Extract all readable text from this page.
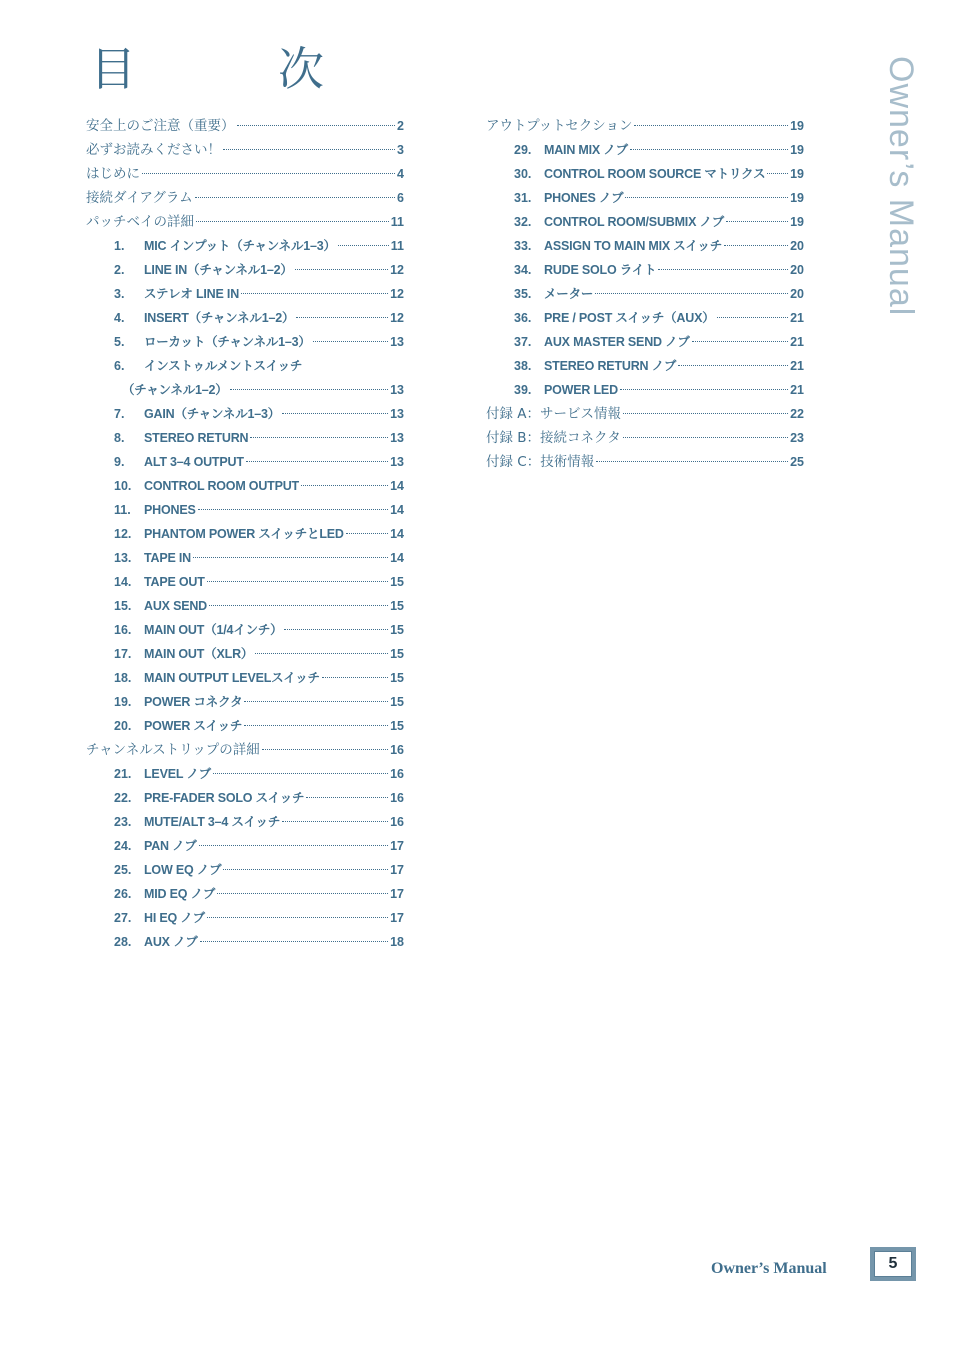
目　次	Owner’s Manual
安全上のご注意（重要）	2
必ずお読みください！	3
はじめに	4
接続ダイアグラム	6
パッチベイの詳細	11
1.	MIC インプット（チャンネル1–3）	11
2.	LINE IN（チャンネル1–2）	12
3.	ステレオ LINE IN	12
4.	INSERT（チャンネル1–2）	12
5.	ローカット（チャンネル1–3）	13
6.	インストゥルメントスイッチ
（チャンネル1–2）	13
7.	GAIN（チャンネル1–3）	13
8.	STEREO RETURN	13
9.	ALT 3–4 OUTPUT	13
10.	CONTROL ROOM OUTPUT	14
11.	PHONES	14
12.	PHANTOM POWER スイッチとLED	14
13.	TAPE IN	14
14.	TAPE OUT	15
15.	AUX SEND	15
16.	MAIN OUT（1/4インチ）	15
17.	MAIN OUT（XLR）	15
18.	MAIN OUTPUT LEVELスイッチ	15
19.	POWER コネクタ	15
20.	POWER スイッチ	15
チャンネルストリップの詳細	16
21.	LEVEL ノブ	16
22.	PRE-FADER SOLO スイッチ	16
23.	MUTE/ALT 3–4 スイッチ	16
24.	PAN ノブ	17
25.	LOW EQ ノブ	17
26.	MID EQ ノブ	17
27.	HI EQ ノブ	17
28.	AUX ノブ	18
アウトプットセクション	19
29.	MAIN MIX ノブ	19
30.	CONTROL ROOM SOURCE マトリクス 19
31.	PHONES ノブ	19
32.	CONTROL ROOM/SUBMIX ノブ	19
33.	ASSIGN TO MAIN MIX スイッチ	20
34.	RUDE SOLO ライト	20
35.	メーター	20
36.	PRE / POST スイッチ（AUX）	21
37.	AUX MASTER SEND ノブ	21
38.	STEREO RETURN ノブ	21
39.	POWER LED	21
付録 A：サービス情報	22
付録 B：接続コネクタ	23
付録 C：技術情報	25
Owner’s Manual	5
